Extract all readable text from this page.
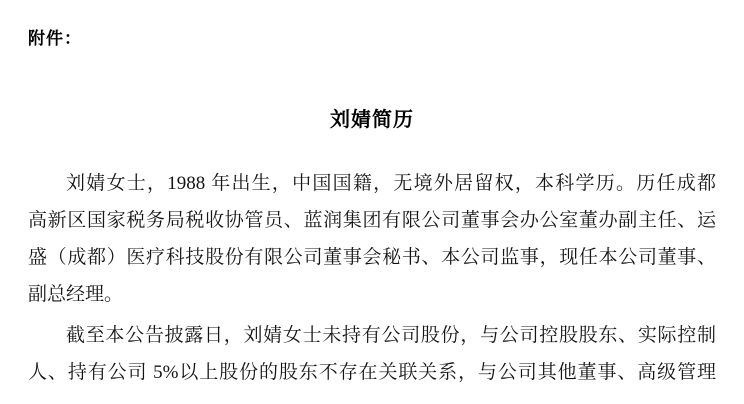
附件：
刘婧简历
刘婧女士，1988 年出生，中国国籍，无境外居留权，本科学历。历任成都
高新区国家税务局税收协管员、蓝润集团有限公司董事会办公室董办副主任、运
盛（成都）医疗科技股份有限公司董事会秘书、本公司监事，现任本公司董事、
副总经理。
截至本公告披露日，刘婧女士未持有公司股份，与公司控股股东、实际控制
人、持有公司 5%以上股份的股东不存在关联关系，与公司其他董事、高级管理
